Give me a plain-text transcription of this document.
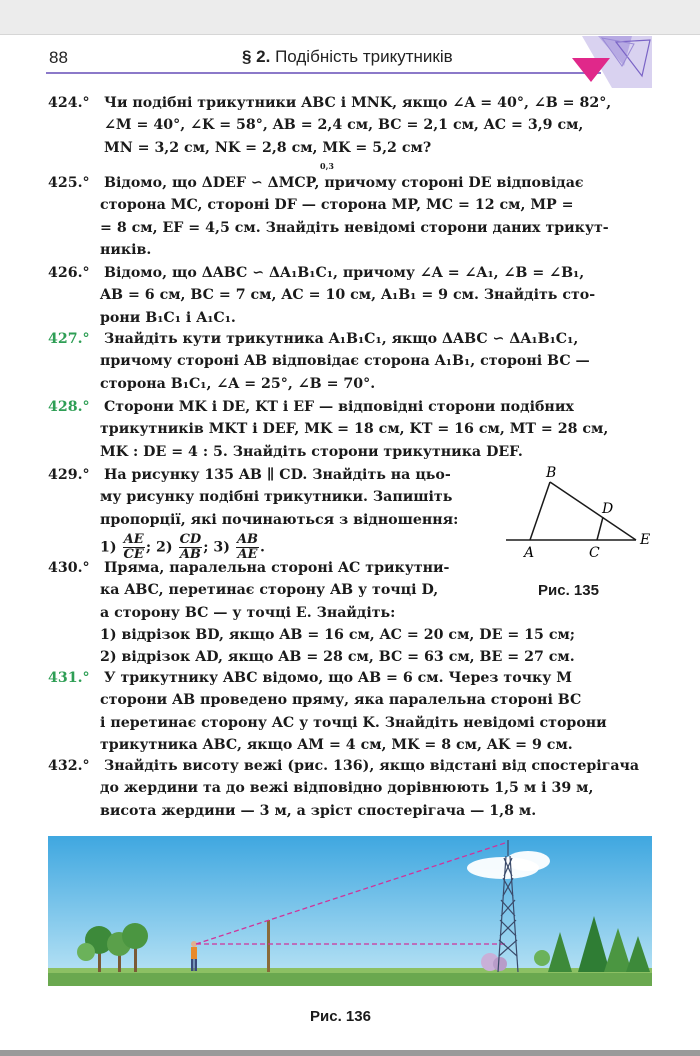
88	§ 2. Подібність трикутників
424.°	Чи подібні трикутники ABC і MNK, якщо ∠A = 40°, ∠B = 82°,
∠M = 40°, ∠K = 58°, AB = 2,4 см, BC = 2,1 см, AC = 3,9 см,
MN = 3,2 см, NK = 2,8 см, MK = 5,2 см?
425.°
0,3
Відомо, що ΔDEF ∽ ΔMCP, причому стороні DE відповідає
сторона MC, стороні DF — сторона MP, MC = 12 см, MP =
= 8 см, EF = 4,5 см. Знайдіть невідомі сторони даних трикут-
ників.
426.°	Відомо, що ΔABC ∽ ΔA₁B₁C₁, причому ∠A = ∠A₁, ∠B = ∠B₁,
AB = 6 см, BC = 7 см, AC = 10 см, A₁B₁ = 9 см. Знайдіть сто-
рони B₁C₁ і A₁C₁.
427.°	Знайдіть кути трикутника A₁B₁C₁, якщо ΔABC ∽ ΔA₁B₁C₁,
причому стороні AB відповідає сторона A₁B₁, стороні BC —
сторона B₁C₁, ∠A = 25°, ∠B = 70°.
428.°	Сторони MK і DE, KT і EF — відповідні сторони подібних
трикутників MKT і DEF, MK = 18 см, KT = 16 см, MT = 28 см,
MK : DE = 4 : 5. Знайдіть сторони трикутника DEF.
429.°	На рисунку 135 AB ∥ CD. Знайдіть на цьо-
му рисунку подібні трикутники. Запишіть
пропорції, які починаються з відношення:
$1) \frac{AE}{CE}$ ; $2) \frac{CD}{AB}$ ; $3) \frac{AB}{AE}$ .
B
D
E
A	C
Рис. 135
430.°	Пряма, паралельна стороні AC трикутни-
ка ABC, перетинає сторону AB у точці D,
а сторону BC — у точці E. Знайдіть:
1) відрізок BD, якщо AB = 16 см, AC = 20 см, DE = 15 см;
2) відрізок AD, якщо AB = 28 см, BC = 63 см, BE = 27 см.
431.°	У трикутнику ABC відомо, що AB = 6 см. Через точку M
сторони AB проведено пряму, яка паралельна стороні BC
і перетинає сторону AC у точці K. Знайдіть невідомі сторони
трикутника ABC, якщо AM = 4 см, MK = 8 см, AK = 9 см.
432.°	Знайдіть висоту вежі (рис. 136), якщо відстані від спостерігача
до жердини та до вежі відповідно дорівнюють 1,5 м і 39 м,
висота жердини — 3 м, а зріст спостерігача — 1,8 м.
Рис. 136
